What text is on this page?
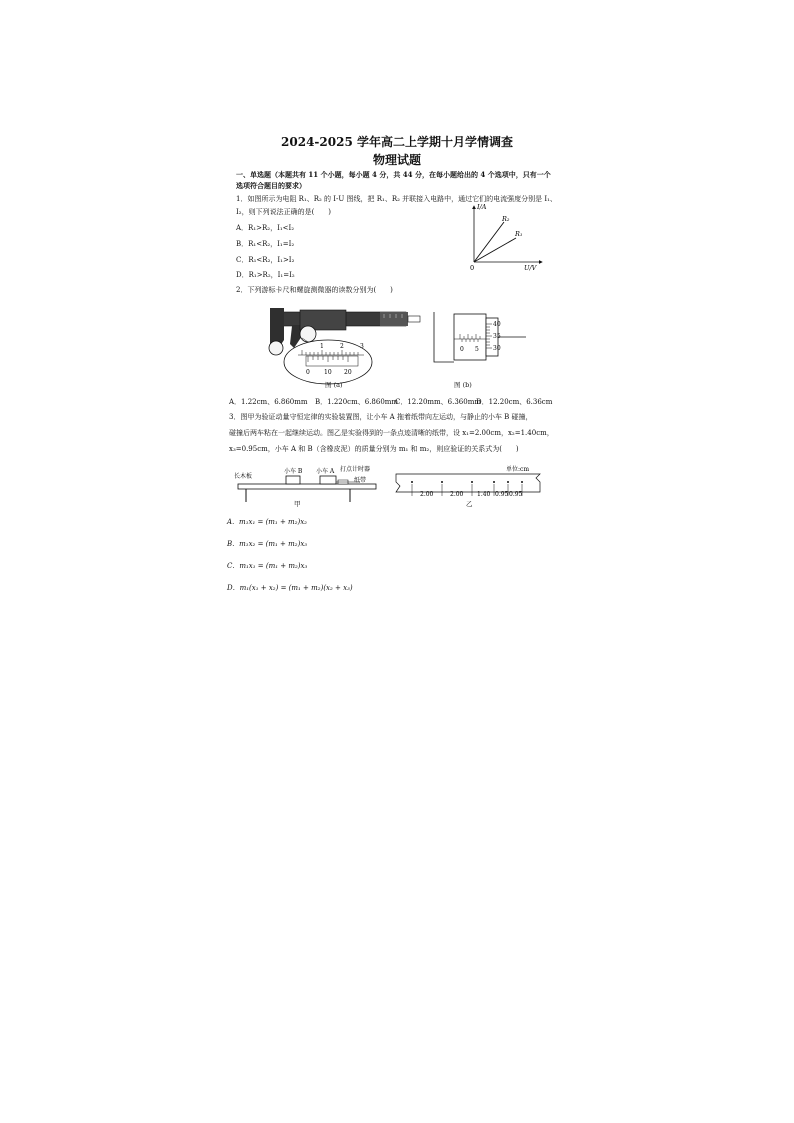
2024-2025 学年高二上学期十月学情调查
物理试题
一、单选题（本题共有 11 个小题，每小题 4 分，共 44 分，在每小题给出的 4 个选项中，只有一个
选项符合题目的要求）
1．如图所示为电阻 R₁、R₂ 的 I-U 图线，把 R₁、R₂ 并联接入电路中，通过它们的电流强度分别是 I₁、
I₂，则下列说法正确的是(　　)
A．R₁>R₂，I₁<I₂
B．R₁<R₂，I₁=I₂
C．R₁<R₂，I₁>I₂
D．R₁>R₂，I₁=I₂
I/A
U/V
0
R₂
R₁
2．下列游标卡尺和螺旋测微器的读数分别为(　　)
1	2	3
0 10 20
图 (a)
0 5
40
35
30
图 (b)
A．1.22cm、6.860mm B．1.220cm、6.860mm
C．12.20mm、6.360mm
D．12.20cm、6.36cm
3．图甲为验证动量守恒定律的实验装置图，让小车 A 拖着纸带向左运动，与静止的小车 B 碰撞，
碰撞后两车粘在一起继续运动。图乙是实验得到的一条点迹清晰的纸带，设 x₁=2.00cm，x₂=1.40cm，
x₃=0.95cm，小车 A 和 B（含橡皮泥）的质量分别为 m₁ 和 m₂，则应验证的关系式为(　　)
长木板
小车 B 小车 A 打点计时器
纸带
甲
单位:cm
2.00	2.00 1.40 0.95 0.95
乙
A．m₁x₁ = (m₁ + m₂)x₂
B．m₁x₂ = (m₁ + m₂)x₃
C．m₁x₁ = (m₁ + m₂)x₃
D．m₁(x₁ + x₂) = (m₁ + m₂)(x₂ + x₃)
